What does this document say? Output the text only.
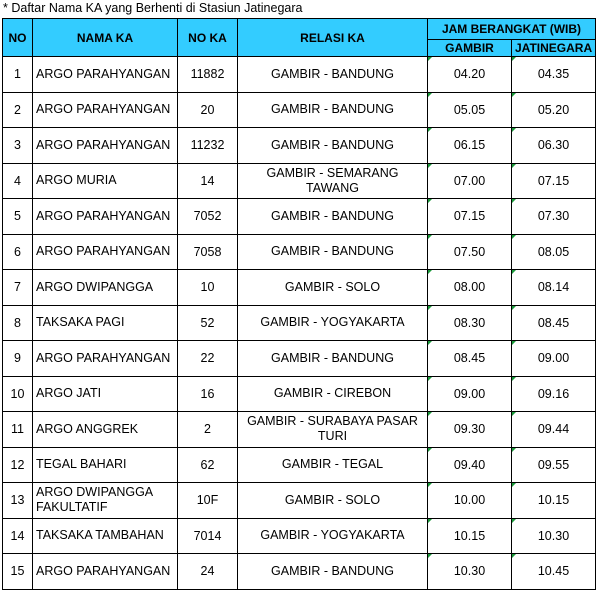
* Daftar Nama KA yang Berhenti di Stasiun Jatinegara
NO	NAMA KA	NO KA	RELASI KA	JAM BERANGKAT (WIB)	
				GAMBIR	JATINEGARA
1	ARGO PARAHYANGAN	11882	GAMBIR - BANDUNG	04.20	04.35
2	ARGO PARAHYANGAN	20	GAMBIR - BANDUNG	05.05	05.20
3	ARGO PARAHYANGAN	11232	GAMBIR - BANDUNG	06.15	06.30
4	ARGO MURIA	14	GAMBIR - SEMARANG TAWANG	07.00	07.15
5	ARGO PARAHYANGAN	7052	GAMBIR - BANDUNG	07.15	07.30
6	ARGO PARAHYANGAN	7058	GAMBIR - BANDUNG	07.50	08.05
7	ARGO DWIPANGGA	10	GAMBIR - SOLO	08.00	08.14
8	TAKSAKA PAGI	52	GAMBIR - YOGYAKARTA	08.30	08.45
9	ARGO PARAHYANGAN	22	GAMBIR - BANDUNG	08.45	09.00
10	ARGO JATI	16	GAMBIR - CIREBON	09.00	09.16
11	ARGO ANGGREK	2	GAMBIR - SURABAYA PASAR TURI	09.30	09.44
12	TEGAL BAHARI	62	GAMBIR - TEGAL	09.40	09.55
13	ARGO DWIPANGGA FAKULTATIF	10F	GAMBIR - SOLO	10.00	10.15
14	TAKSAKA TAMBAHAN	7014	GAMBIR - YOGYAKARTA	10.15	10.30
15	ARGO PARAHYANGAN	24	GAMBIR - BANDUNG	10.30	10.45
